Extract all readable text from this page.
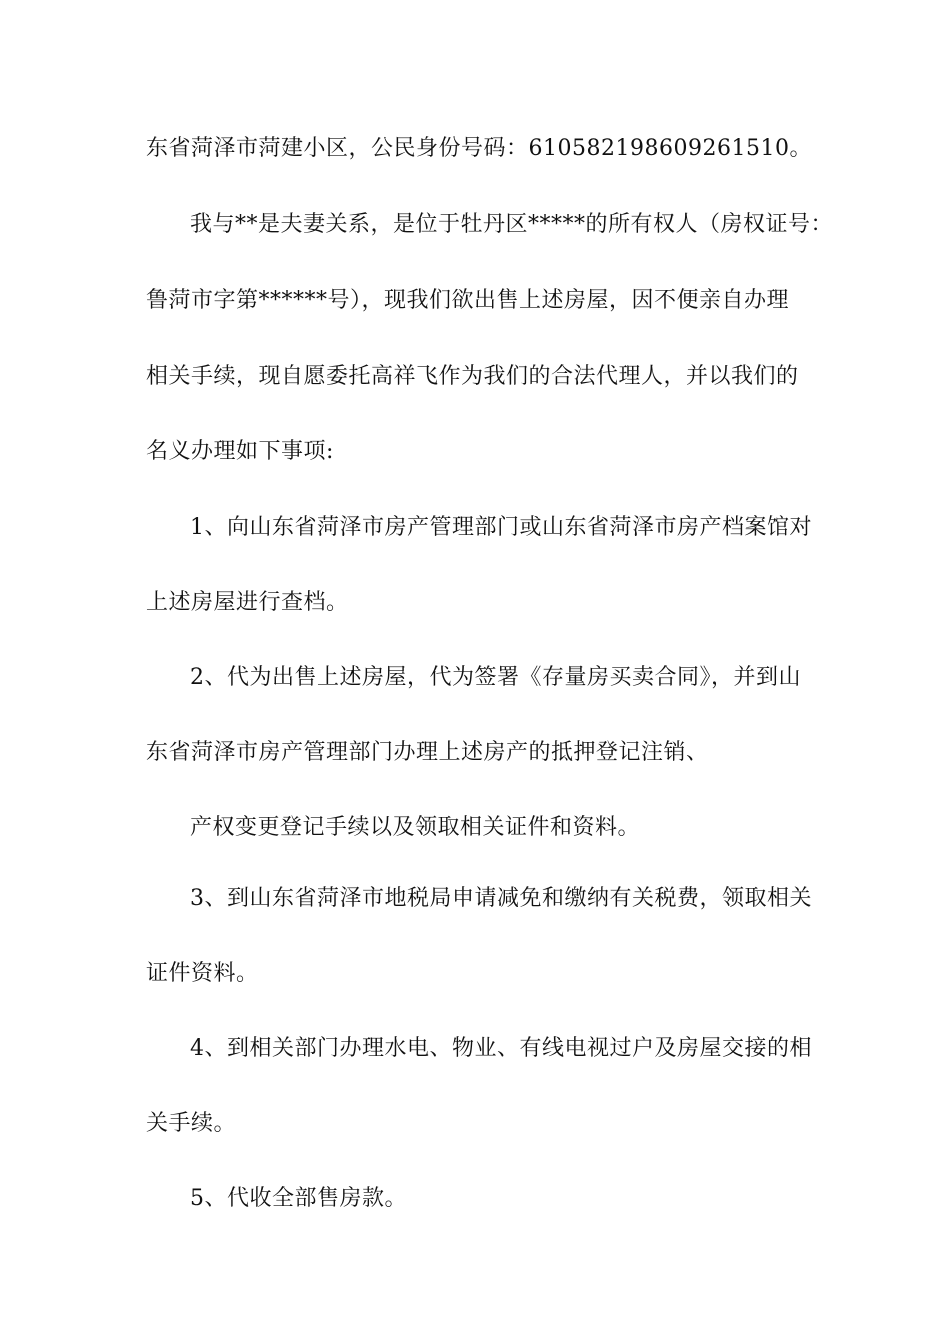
东省菏泽市菏建小区，公民身份号码：610582198609261510。
我与**是夫妻关系，是位于牡丹区*****的所有权人（房权证号：
鲁菏市字第******号），现我们欲出售上述房屋，因不便亲自办理
相关手续，现自愿委托高祥飞作为我们的合法代理人，并以我们的
名义办理如下事项:
1、向山东省菏泽市房产管理部门或山东省菏泽市房产档案馆对
上述房屋进行查档。
2、代为出售上述房屋，代为签署《存量房买卖合同》，并到山
东省菏泽市房产管理部门办理上述房产的抵押登记注销、
产权变更登记手续以及领取相关证件和资料。
3、到山东省菏泽市地税局申请减免和缴纳有关税费，领取相关
证件资料。
4、到相关部门办理水电、物业、有线电视过户及房屋交接的相
关手续。
5、代收全部售房款。
